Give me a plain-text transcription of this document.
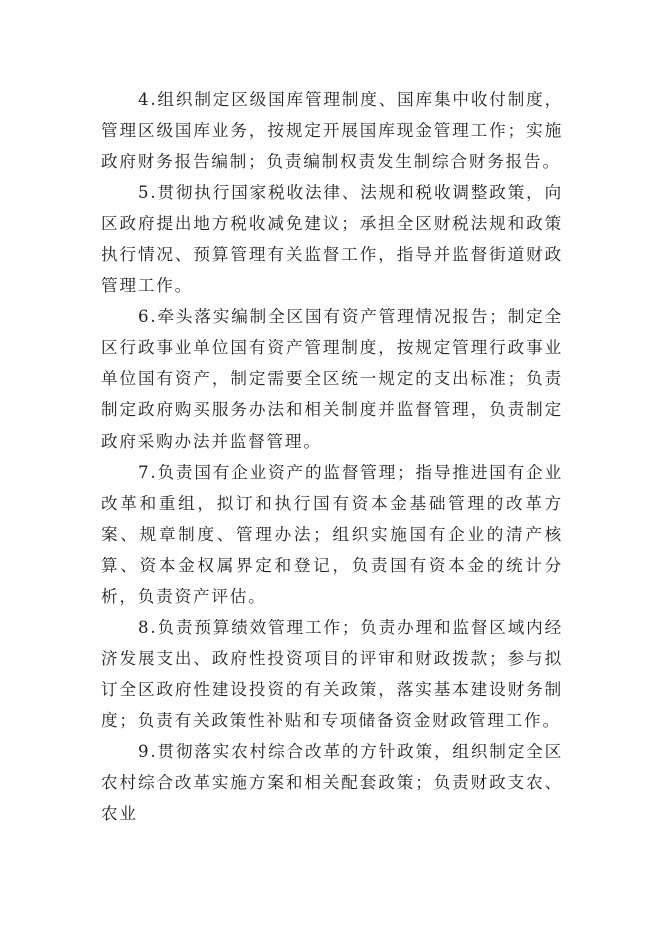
4.组织制定区级国库管理制度、国库集中收付制度，管理区级国库业务，按规定开展国库现金管理工作；实施政府财务报告编制；负责编制权责发生制综合财务报告。

5.贯彻执行国家税收法律、法规和税收调整政策，向区政府提出地方税收减免建议；承担全区财税法规和政策执行情况、预算管理有关监督工作，指导并监督街道财政管理工作。

6.牵头落实编制全区国有资产管理情况报告；制定全区行政事业单位国有资产管理制度，按规定管理行政事业单位国有资产，制定需要全区统一规定的支出标准；负责制定政府购买服务办法和相关制度并监督管理，负责制定政府采购办法并监督管理。

7.负责国有企业资产的监督管理；指导推进国有企业改革和重组，拟订和执行国有资本金基础管理的改革方案、规章制度、管理办法；组织实施国有企业的清产核算、资本金权属界定和登记，负责国有资本金的统计分析，负责资产评估。

8.负责预算绩效管理工作；负责办理和监督区域内经济发展支出、政府性投资项目的评审和财政拨款；参与拟订全区政府性建设投资的有关政策，落实基本建设财务制度；负责有关政策性补贴和专项储备资金财政管理工作。

9.贯彻落实农村综合改革的方针政策，组织制定全区农村综合改革实施方案和相关配套政策；负责财政支农、农业
